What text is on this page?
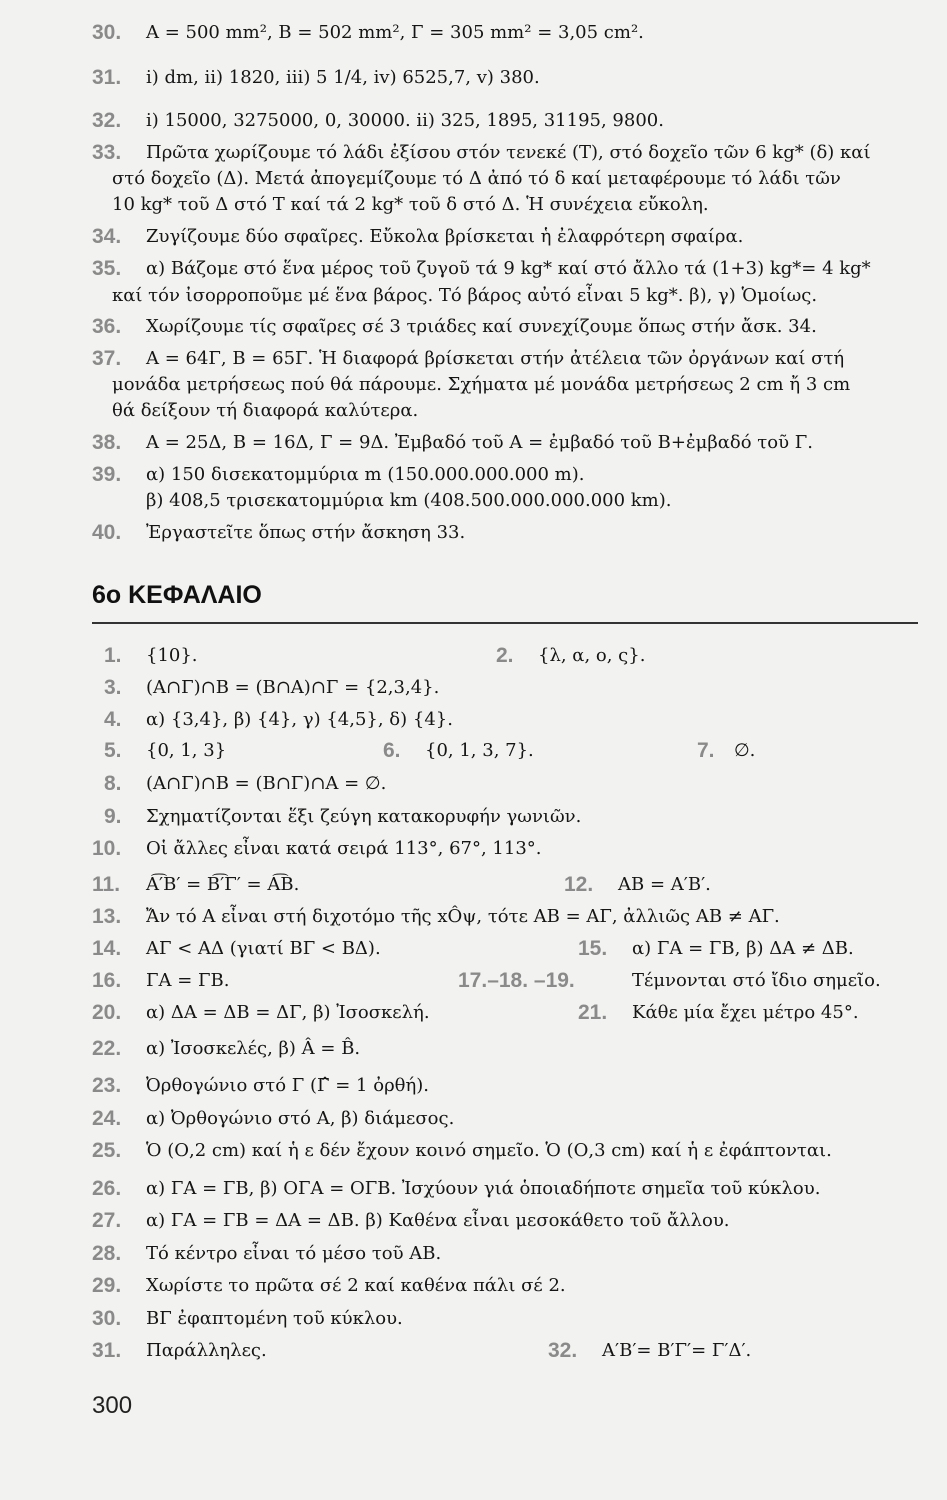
30. Α = 500 mm², Β = 502 mm², Γ = 305 mm² = 3,05 cm².
31. i) dm, ii) 1820, iii) 5 1/4, iv) 6525,7, v) 380.
32. i) 15000, 3275000, 0, 30000. ii) 325, 1895, 31195, 9800.
33. Πρῶτα χωρίζουμε τό λάδι ἐξίσου στόν τενεκέ (Τ), στό δοχεῖο τῶν 6 kg* (δ) καί
στό δοχεῖο (Δ). Μετά ἀπογεμίζουμε τό Δ ἀπό τό δ καί μεταφέρουμε τό λάδι τῶν
10 kg* τοῦ Δ στό Τ καί τά 2 kg* τοῦ δ στό Δ. Ἡ συνέχεια εὔκολη.
34. Ζυγίζουμε δύο σφαῖρες. Εὔκολα βρίσκεται ἡ ἐλαφρότερη σφαίρα.
35. α) Βάζομε στό ἕνα μέρος τοῦ ζυγοῦ τά 9 kg* καί στό ἄλλο τά (1+3) kg*= 4 kg*
καί τόν ἰσορροποῦμε μέ ἕνα βάρος. Τό βάρος αὐτό εἶναι 5 kg*. β), γ) Ὁμοίως.
36. Χωρίζουμε τίς σφαῖρες σέ 3 τριάδες καί συνεχίζουμε ὅπως στήν ἄσκ. 34.
37. Α = 64Γ, Β = 65Γ. Ἡ διαφορά βρίσκεται στήν ἀτέλεια τῶν ὀργάνων καί στή
μονάδα μετρήσεως πού θά πάρουμε. Σχήματα μέ μονάδα μετρήσεως 2 cm ἤ 3 cm
θά δείξουν τή διαφορά καλύτερα.
38. Α = 25Δ, Β = 16Δ, Γ = 9Δ. Ἐμβαδό τοῦ Α = ἐμβαδό τοῦ Β+ἐμβαδό τοῦ Γ.
39. α) 150 δισεκατομμύρια m (150.000.000.000 m).
β) 408,5 τρισεκατομμύρια km (408.500.000.000.000 km).
40. Ἐργαστεῖτε ὅπως στήν ἄσκηση 33.
6ο ΚΕΦΑΛΑΙΟ
1. {10}.	2. {λ, α, ο, ς}.
3. (Α∩Γ)∩Β = (Β∩Α)∩Γ = {2,3,4}.
4. α) {3,4}, β) {4}, γ) {4,5}, δ) {4}.
5. {0, 1, 3}	6. {0, 1, 3, 7}.	7. ∅.
8. (Α∩Γ)∩Β = (Β∩Γ)∩Α = ∅.
9. Σχηματίζονται ἕξι ζεύγη κατακορυφήν γωνιῶν.
10. Οἱ ἄλλες εἶναι κατά σειρά 113°, 67°, 113°.
11. Α͡′Β′ = Β͡′Γ′ = Α͡Β.	12. ΑΒ = Α′Β′.
13. Ἄν τό Α εἶναι στή διχοτόμο τῆς xÔψ, τότε ΑΒ = ΑΓ, ἀλλιῶς ΑΒ ≠ ΑΓ.
14. ΑΓ < ΑΔ (γιατί ΒΓ < ΒΔ).	15. α) ΓΑ = ΓΒ, β) ΔΑ ≠ ΔΒ.
16. ΓΑ = ΓΒ.	17.–18. –19.	Τέμνονται στό ἴδιο σημεῖο.
20. α) ΔΑ = ΔΒ = ΔΓ, β) Ἰσοσκελή.	21. Κάθε μία ἔχει μέτρο 45°.
22. α) Ἰσοσκελές, β) Â = B̂.
23. Ὀρθογώνιο στό Γ (Γ̂ = 1 ὀρθή).
24. α) Ὀρθογώνιο στό Α, β) διάμεσος.
25. Ὁ (Ο,2 cm) καί ἡ ε δέν ἔχουν κοινό σημεῖο. Ὁ (Ο,3 cm) καί ἡ ε ἐφάπτονται.
26. α) ΓΑ = ΓΒ, β) ΟΓΑ = ΟΓΒ. Ἰσχύουν γιά ὁποιαδήποτε σημεῖα τοῦ κύκλου.
27. α) ΓΑ = ΓΒ = ΔΑ = ΔΒ. β) Καθένα εἶναι μεσοκάθετο τοῦ ἄλλου.
28. Τό κέντρο εἶναι τό μέσο τοῦ ΑΒ.
29. Χωρίστε το πρῶτα σέ 2 καί καθένα πάλι σέ 2.
30. ΒΓ ἐφαπτομένη τοῦ κύκλου.
31. Παράλληλες.	32. Α′Β′= Β′Γ′= Γ′Δ′.
300
